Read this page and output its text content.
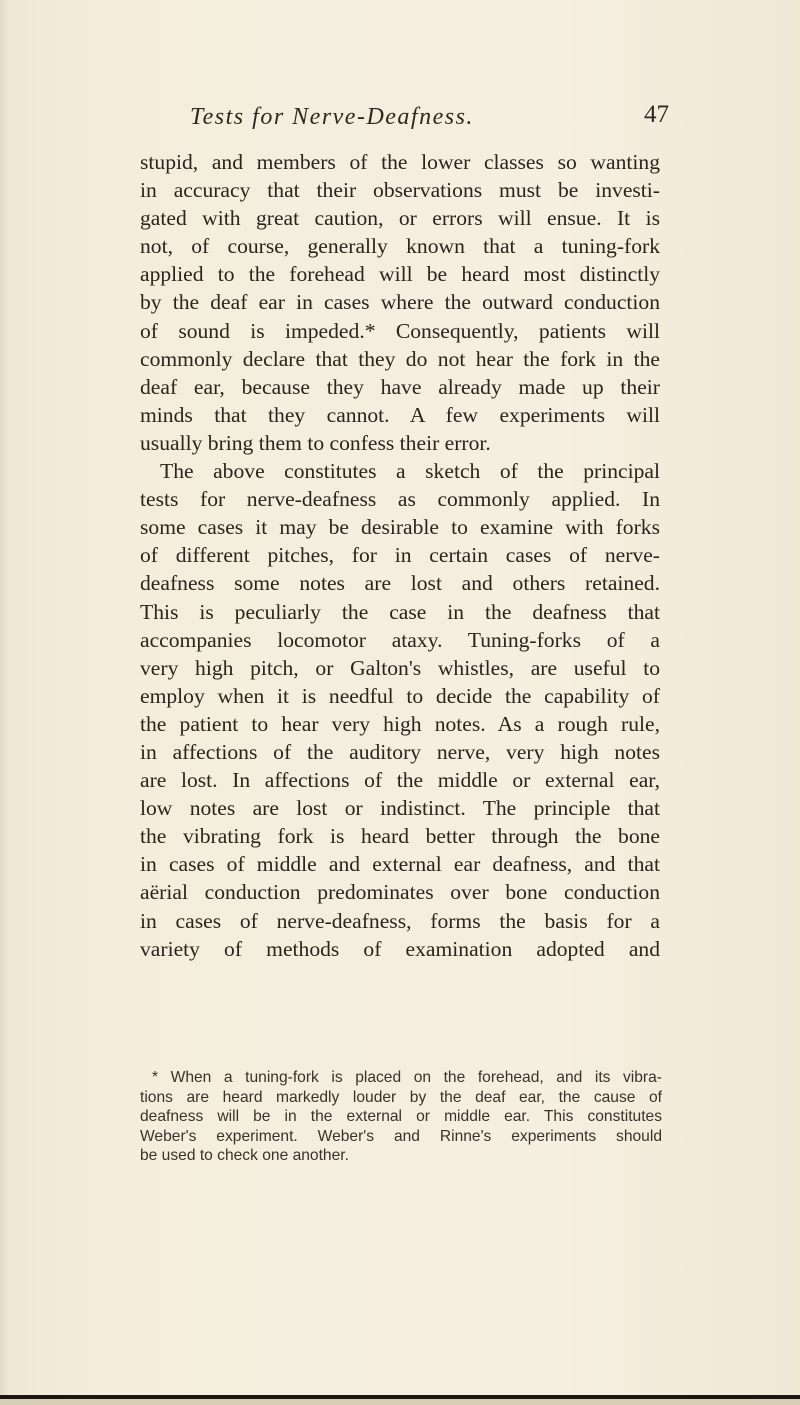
Tests for Nerve-Deafness.	47
stupid, and members of the lower classes so wanting
in accuracy that their observations must be investi-
gated with great caution, or errors will ensue. It is
not, of course, generally known that a tuning-fork
applied to the forehead will be heard most distinctly
by the deaf ear in cases where the outward conduction
of sound is impeded.* Consequently, patients will
commonly declare that they do not hear the fork in the
deaf ear, because they have already made up their
minds that they cannot. A few experiments will
usually bring them to confess their error.
The above constitutes a sketch of the principal
tests for nerve-deafness as commonly applied. In
some cases it may be desirable to examine with forks
of different pitches, for in certain cases of nerve-
deafness some notes are lost and others retained.
This is peculiarly the case in the deafness that
accompanies locomotor ataxy. Tuning-forks of a
very high pitch, or Galton's whistles, are useful to
employ when it is needful to decide the capability of
the patient to hear very high notes. As a rough rule,
in affections of the auditory nerve, very high notes
are lost. In affections of the middle or external ear,
low notes are lost or indistinct. The principle that
the vibrating fork is heard better through the bone
in cases of middle and external ear deafness, and that
aërial conduction predominates over bone conduction
in cases of nerve-deafness, forms the basis for a
variety of methods of examination adopted and
* When a tuning-fork is placed on the forehead, and its vibra-
tions are heard markedly louder by the deaf ear, the cause of
deafness will be in the external or middle ear. This constitutes
Weber's experiment. Weber's and Rinne's experiments should
be used to check one another.
